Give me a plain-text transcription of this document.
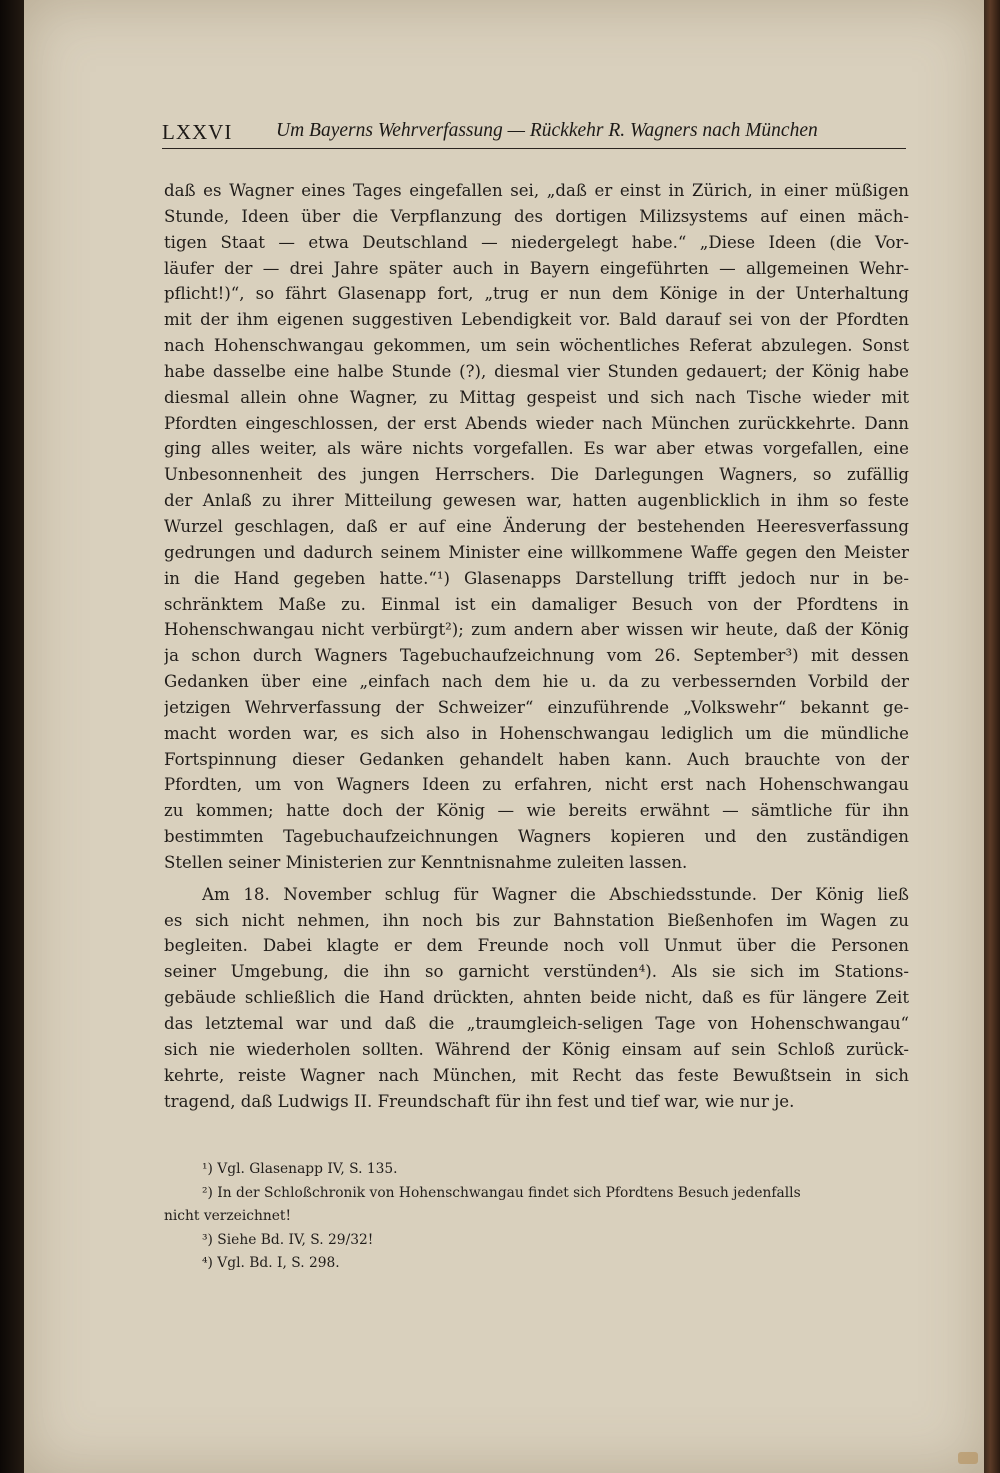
LXXVI Um Bayerns Wehrverfassung — Rückkehr R. Wagners nach München
daß es Wagner eines Tages eingefallen sei, „daß er einst in Zürich, in einer müßigen
Stunde, Ideen über die Verpflanzung des dortigen Milizsystems auf einen mäch-
tigen Staat — etwa Deutschland — niedergelegt habe.“ „Diese Ideen (die Vor-
läufer der — drei Jahre später auch in Bayern eingeführten — allgemeinen Wehr-
pflicht!)“, so fährt Glasenapp fort, „trug er nun dem Könige in der Unterhaltung
mit der ihm eigenen suggestiven Lebendigkeit vor. Bald darauf sei von der Pfordten
nach Hohenschwangau gekommen, um sein wöchentliches Referat abzulegen. Sonst
habe dasselbe eine halbe Stunde (?), diesmal vier Stunden gedauert; der König habe
diesmal allein ohne Wagner, zu Mittag gespeist und sich nach Tische wieder mit
Pfordten eingeschlossen, der erst Abends wieder nach München zurückkehrte. Dann
ging alles weiter, als wäre nichts vorgefallen. Es war aber etwas vorgefallen, eine
Unbesonnenheit des jungen Herrschers. Die Darlegungen Wagners, so zufällig
der Anlaß zu ihrer Mitteilung gewesen war, hatten augenblicklich in ihm so feste
Wurzel geschlagen, daß er auf eine Änderung der bestehenden Heeresverfassung
gedrungen und dadurch seinem Minister eine willkommene Waffe gegen den Meister
in die Hand gegeben hatte.“¹) Glasenapps Darstellung trifft jedoch nur in be-
schränktem Maße zu. Einmal ist ein damaliger Besuch von der Pfordtens in
Hohenschwangau nicht verbürgt²); zum andern aber wissen wir heute, daß der König
ja schon durch Wagners Tagebuchaufzeichnung vom 26. September³) mit dessen
Gedanken über eine „einfach nach dem hie u. da zu verbessernden Vorbild der
jetzigen Wehrverfassung der Schweizer“ einzuführende „Volkswehr“ bekannt ge-
macht worden war, es sich also in Hohenschwangau lediglich um die mündliche
Fortspinnung dieser Gedanken gehandelt haben kann. Auch brauchte von der
Pfordten, um von Wagners Ideen zu erfahren, nicht erst nach Hohenschwangau
zu kommen; hatte doch der König — wie bereits erwähnt — sämtliche für ihn
bestimmten Tagebuchaufzeichnungen Wagners kopieren und den zuständigen
Stellen seiner Ministerien zur Kenntnisnahme zuleiten lassen.
Am 18. November schlug für Wagner die Abschiedsstunde. Der König ließ
es sich nicht nehmen, ihn noch bis zur Bahnstation Bießenhofen im Wagen zu
begleiten. Dabei klagte er dem Freunde noch voll Unmut über die Personen
seiner Umgebung, die ihn so garnicht verstünden⁴). Als sie sich im Stations-
gebäude schließlich die Hand drückten, ahnten beide nicht, daß es für längere Zeit
das letztemal war und daß die „traumgleich-seligen Tage von Hohenschwangau“
sich nie wiederholen sollten. Während der König einsam auf sein Schloß zurück-
kehrte, reiste Wagner nach München, mit Recht das feste Bewußtsein in sich
tragend, daß Ludwigs II. Freundschaft für ihn fest und tief war, wie nur je.
¹) Vgl. Glasenapp IV, S. 135.
²) In der Schloßchronik von Hohenschwangau findet sich Pfordtens Besuch jedenfalls
nicht verzeichnet!
³) Siehe Bd. IV, S. 29/32!
⁴) Vgl. Bd. I, S. 298.
